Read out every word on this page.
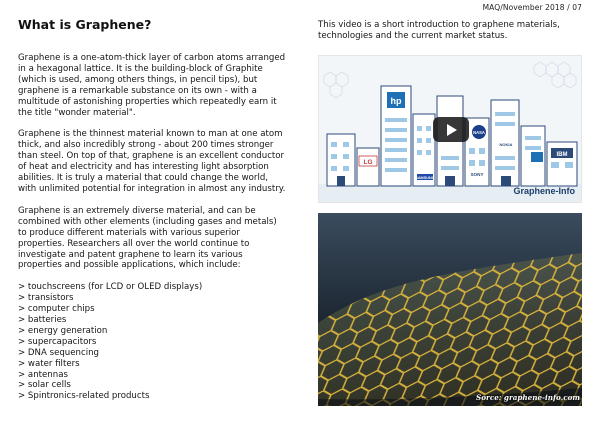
MAQ/November 2018 / 07
What is Graphene?

Graphene is a one-atom-thick layer of carbon atoms arranged in a hexagonal lattice. It is the building-block of Graphite (which is used, among others things, in pencil tips), but graphene is a remarkable substance on its own - with a multitude of astonishing properties which repeatedly earn it the title "wonder material".

Graphene is the thinnest material known to man at one atom thick, and also incredibly strong - about 200 times stronger than steel. On top of that, graphene is an excellent conductor of heat and electricity and has interesting light absorption abilities. It is truly a material that could change the world, with unlimited potential for integration in almost any industry.

Graphene is an extremely diverse material, and can be combined with other elements (including gases and metals) to produce different materials with various superior properties. Researchers all over the world continue to investigate and patent graphene to learn its various properties and possible applications, which include:

> touchscreens (for LCD or OLED displays)
> transistors
> computer chips
> batteries
> energy generation
> supercapacitors
> DNA sequencing
> water filters
> antennas
> solar cells
> Spintronics-related products

This video is a short introduction to graphene materials, technologies and the current market status.

hp
LG
NASA
SAMSUNG
SONY
IBM
NOKIA
Graphene-Info
Sorce: graphene-info.com
